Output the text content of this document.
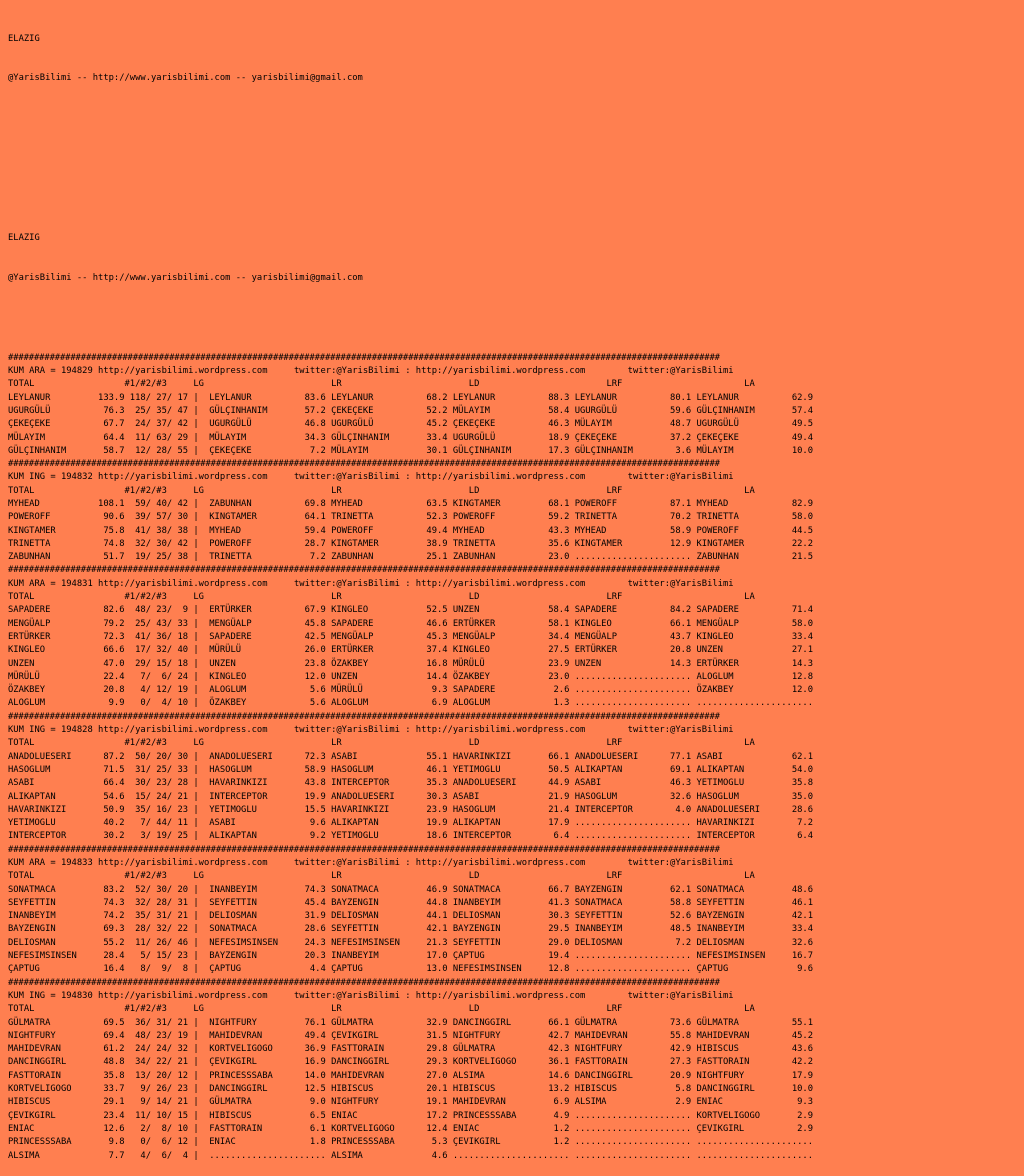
ELAZIG

@YarisBilimi -- http://www.yarisbilimi.com -- yarisbilimi@gmail.com

ELAZIG

@YarisBilimi -- http://www.yarisbilimi.com -- yarisbilimi@gmail.com

#########################################################################################################################################
KUM ARA = 194829 http://yarisbilimi.wordpress.com     twitter:@YarisBilimi : http://yarisbilimi.wordpress.com        twitter:@YarisBilimi
TOTAL                 #1/#2/#3     LG                        LR                        LD                        LRF                       LA
LEYLANUR         133.9 118/ 27/ 17 |  LEYLANUR          83.6 LEYLANUR          68.2 LEYLANUR          88.3 LEYLANUR          80.1 LEYLANUR          62.9
UGURGÜLÜ          76.3  25/ 35/ 47 |  GÜLÇINHANIM       57.2 ÇEKEÇEKE          52.2 MÜLAYIM           58.4 UGURGÜLÜ          59.6 GÜLÇINHANIM       57.4
ÇEKEÇEKE          67.7  24/ 37/ 42 |  UGURGÜLÜ          46.8 UGURGÜLÜ          45.2 ÇEKEÇEKE          46.3 MÜLAYIM           48.7 UGURGÜLÜ          49.5
MÜLAYIM           64.4  11/ 63/ 29 |  MÜLAYIM           34.3 GÜLÇINHANIM       33.4 UGURGÜLÜ          18.9 ÇEKEÇEKE          37.2 ÇEKEÇEKE          49.4
GÜLÇINHANIM       58.7  12/ 28/ 55 |  ÇEKEÇEKE           7.2 MÜLAYIM           30.1 GÜLÇINHANIM       17.3 GÜLÇINHANIM        3.6 MÜLAYIM           10.0
#########################################################################################################################################
KUM ING = 194832 http://yarisbilimi.wordpress.com     twitter:@YarisBilimi : http://yarisbilimi.wordpress.com        twitter:@YarisBilimi
TOTAL                 #1/#2/#3     LG                        LR                        LD                        LRF                       LA
MYHEAD           108.1  59/ 40/ 42 |  ZABUNHAN          69.8 MYHEAD            63.5 KINGTAMER         68.1 POWEROFF          87.1 MYHEAD            82.9
POWEROFF          90.6  39/ 57/ 30 |  KINGTAMER         64.1 TRINETTA          52.3 POWEROFF          59.2 TRINETTA          70.2 TRINETTA          58.0
KINGTAMER         75.8  41/ 38/ 38 |  MYHEAD            59.4 POWEROFF          49.4 MYHEAD            43.3 MYHEAD            58.9 POWEROFF          44.5
TRINETTA          74.8  32/ 30/ 42 |  POWEROFF          28.7 KINGTAMER         38.9 TRINETTA          35.6 KINGTAMER         12.9 KINGTAMER         22.2
ZABUNHAN          51.7  19/ 25/ 38 |  TRINETTA           7.2 ZABUNHAN          25.1 ZABUNHAN          23.0 ...................... ZABUNHAN          21.5
#########################################################################################################################################
KUM ARA = 194831 http://yarisbilimi.wordpress.com     twitter:@YarisBilimi : http://yarisbilimi.wordpress.com        twitter:@YarisBilimi
TOTAL                 #1/#2/#3     LG                        LR                        LD                        LRF                       LA
SAPADERE          82.6  48/ 23/  9 |  ERTÜRKER          67.9 KINGLEO           52.5 UNZEN             58.4 SAPADERE          84.2 SAPADERE          71.4
MENGÜALP          79.2  25/ 43/ 33 |  MENGÜALP          45.8 SAPADERE          46.6 ERTÜRKER          58.1 KINGLEO           66.1 MENGÜALP          58.0
ERTÜRKER          72.3  41/ 36/ 18 |  SAPADERE          42.5 MENGÜALP          45.3 MENGÜALP          34.4 MENGÜALP          43.7 KINGLEO           33.4
KINGLEO           66.6  17/ 32/ 40 |  MÜRÜLÜ            26.0 ERTÜRKER          37.4 KINGLEO           27.5 ERTÜRKER          20.8 UNZEN             27.1
UNZEN             47.0  29/ 15/ 18 |  UNZEN             23.8 ÖZAKBEY           16.8 MÜRÜLÜ            23.9 UNZEN             14.3 ERTÜRKER          14.3
MÜRÜLÜ            22.4   7/  6/ 24 |  KINGLEO           12.0 UNZEN             14.4 ÖZAKBEY           23.0 ...................... ALOGLUM           12.8
ÖZAKBEY           20.8   4/ 12/ 19 |  ALOGLUM            5.6 MÜRÜLÜ             9.3 SAPADERE           2.6 ...................... ÖZAKBEY           12.0
ALOGLUM            9.9   0/  4/ 10 |  ÖZAKBEY            5.6 ALOGLUM            6.9 ALOGLUM            1.3 ...................... ......................
#########################################################################################################################################
KUM ING = 194828 http://yarisbilimi.wordpress.com     twitter:@YarisBilimi : http://yarisbilimi.wordpress.com        twitter:@YarisBilimi
TOTAL                 #1/#2/#3     LG                        LR                        LD                        LRF                       LA
ANADOLUESERI      87.2  50/ 20/ 30 |  ANADOLUESERI      72.3 ASABI             55.1 HAVARINKIZI       66.1 ANADOLUESERI      77.1 ASABI             62.1
HASOGLUM          71.5  31/ 25/ 33 |  HASOGLUM          58.9 HASOGLUM          46.1 YETIMOGLU         50.5 ALIKAPTAN         69.1 ALIKAPTAN         54.0
ASABI             66.4  30/ 23/ 28 |  HAVARINKIZI       43.8 INTERCEPTOR       35.3 ANADOLUESERI      44.9 ASABI             46.3 YETIMOGLU         35.8
ALIKAPTAN         54.6  15/ 24/ 21 |  INTERCEPTOR       19.9 ANADOLUESERI      30.3 ASABI             21.9 HASOGLUM          32.6 HASOGLUM          35.0
HAVARINKIZI       50.9  35/ 16/ 23 |  YETIMOGLU         15.5 HAVARINKIZI       23.9 HASOGLUM          21.4 INTERCEPTOR        4.0 ANADOLUESERI      28.6
YETIMOGLU         40.2   7/ 44/ 11 |  ASABI              9.6 ALIKAPTAN         19.9 ALIKAPTAN         17.9 ...................... HAVARINKIZI        7.2
INTERCEPTOR       30.2   3/ 19/ 25 |  ALIKAPTAN          9.2 YETIMOGLU         18.6 INTERCEPTOR        6.4 ...................... INTERCEPTOR        6.4
#########################################################################################################################################
KUM ARA = 194833 http://yarisbilimi.wordpress.com     twitter:@YarisBilimi : http://yarisbilimi.wordpress.com        twitter:@YarisBilimi
TOTAL                 #1/#2/#3     LG                        LR                        LD                        LRF                       LA
SONATMACA         83.2  52/ 30/ 20 |  INANBEYIM         74.3 SONATMACA         46.9 SONATMACA         66.7 BAYZENGIN         62.1 SONATMACA         48.6
SEYFETTIN         74.3  32/ 28/ 31 |  SEYFETTIN         45.4 BAYZENGIN         44.8 INANBEYIM         41.3 SONATMACA         58.8 SEYFETTIN         46.1
INANBEYIM         74.2  35/ 31/ 21 |  DELIOSMAN         31.9 DELIOSMAN         44.1 DELIOSMAN         30.3 SEYFETTIN         52.6 BAYZENGIN         42.1
BAYZENGIN         69.3  28/ 32/ 22 |  SONATMACA         28.6 SEYFETTIN         42.1 BAYZENGIN         29.5 INANBEYIM         48.5 INANBEYIM         33.4
DELIOSMAN         55.2  11/ 26/ 46 |  NEFESIMSINSEN     24.3 NEFESIMSINSEN     21.3 SEYFETTIN         29.0 DELIOSMAN          7.2 DELIOSMAN         32.6
NEFESIMSINSEN     28.4   5/ 15/ 23 |  BAYZENGIN         20.3 INANBEYIM         17.0 ÇAPTUG            19.4 ...................... NEFESIMSINSEN     16.7
ÇAPTUG            16.4   8/  9/  8 |  ÇAPTUG             4.4 ÇAPTUG            13.0 NEFESIMSINSEN     12.8 ...................... ÇAPTUG             9.6
#########################################################################################################################################
KUM ING = 194830 http://yarisbilimi.wordpress.com     twitter:@YarisBilimi : http://yarisbilimi.wordpress.com        twitter:@YarisBilimi
TOTAL                 #1/#2/#3     LG                        LR                        LD                        LRF                       LA
GÜLMATRA          69.5  36/ 31/ 21 |  NIGHTFURY         76.1 GÜLMATRA          32.9 DANCINGGIRL       66.1 GÜLMATRA          73.6 GÜLMATRA          55.1
NIGHTFURY         69.4  48/ 23/ 19 |  MAHIDEVRAN        49.4 ÇEVIKGIRL         31.5 NIGHTFURY         42.7 MAHIDEVRAN        55.8 MAHIDEVRAN        45.2
MAHIDEVRAN        61.2  24/ 24/ 32 |  KORTVELIGOGO      36.9 FASTTORAIN        29.8 GÜLMATRA          42.3 NIGHTFURY         42.9 HIBISCUS          43.6
DANCINGGIRL       48.8  34/ 22/ 21 |  ÇEVIKGIRL         16.9 DANCINGGIRL       29.3 KORTVELIGOGO      36.1 FASTTORAIN        27.3 FASTTORAIN        42.2
FASTTORAIN        35.8  13/ 20/ 12 |  PRINCESSSABA      14.0 MAHIDEVRAN        27.0 ALSIMA            14.6 DANCINGGIRL       20.9 NIGHTFURY         17.9
KORTVELIGOGO      33.7   9/ 26/ 23 |  DANCINGGIRL       12.5 HIBISCUS          20.1 HIBISCUS          13.2 HIBISCUS           5.8 DANCINGGIRL       10.0
HIBISCUS          29.1   9/ 14/ 21 |  GÜLMATRA           9.0 NIGHTFURY         19.1 MAHIDEVRAN         6.9 ALSIMA             2.9 ENIAC              9.3
ÇEVIKGIRL         23.4  11/ 10/ 15 |  HIBISCUS           6.5 ENIAC             17.2 PRINCESSSABA       4.9 ...................... KORTVELIGOGO       2.9
ENIAC             12.6   2/  8/ 10 |  FASTTORAIN         6.1 KORTVELIGOGO      12.4 ENIAC              1.2 ...................... ÇEVIKGIRL          2.9
PRINCESSSABA       9.8   0/  6/ 12 |  ENIAC              1.8 PRINCESSSABA       5.3 ÇEVIKGIRL          1.2 ...................... ......................
ALSIMA             7.7   4/  6/  4 |  ...................... ALSIMA             4.6 ...................... ...................... ......................
